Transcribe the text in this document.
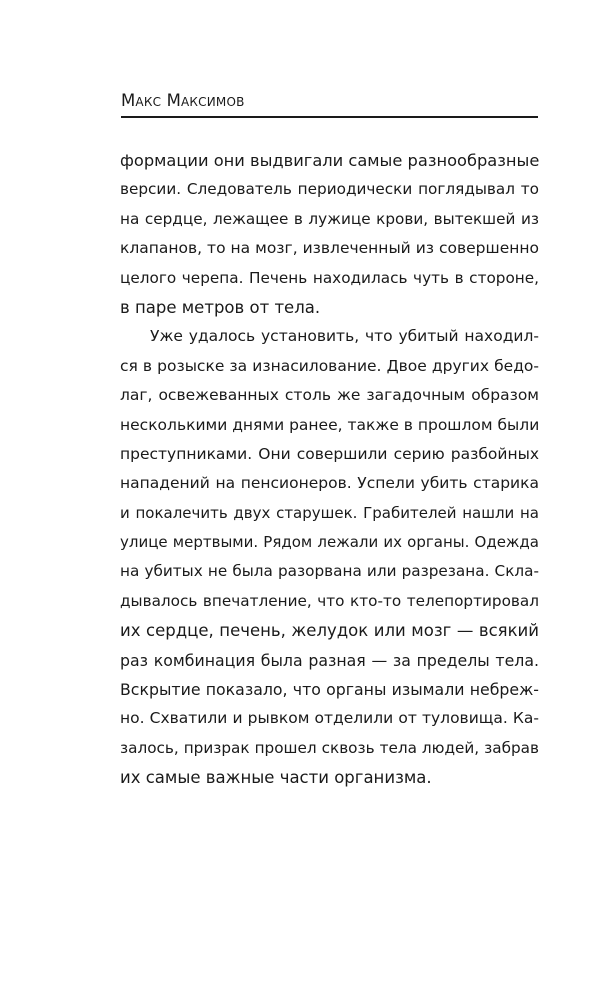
Макс Максимов
формации они выдвигали самые разнообразные
версии. Следователь периодически поглядывал то
на сердце, лежащее в лужице крови, вытекшей из
клапанов, то на мозг, извлеченный из совершенно
целого черепа. Печень находилась чуть в стороне,
в паре метров от тела.
Уже удалось установить, что убитый находил-
ся в розыске за изнасилование. Двое других бедо-
лаг, освежеванных столь же загадочным образом
несколькими днями ранее, также в прошлом были
преступниками. Они совершили серию разбойных
нападений на пенсионеров. Успели убить старика
и покалечить двух старушек. Грабителей нашли на
улице мертвыми. Рядом лежали их органы. Одежда
на убитых не была разорвана или разрезана. Скла-
дывалось впечатление, что кто-то телепортировал
их сердце, печень, желудок или мозг — всякий
раз комбинация была разная — за пределы тела.
Вскрытие показало, что органы изымали небреж-
но. Схватили и рывком отделили от туловища. Ка-
залось, призрак прошел сквозь тела людей, забрав
их самые важные части организма.
